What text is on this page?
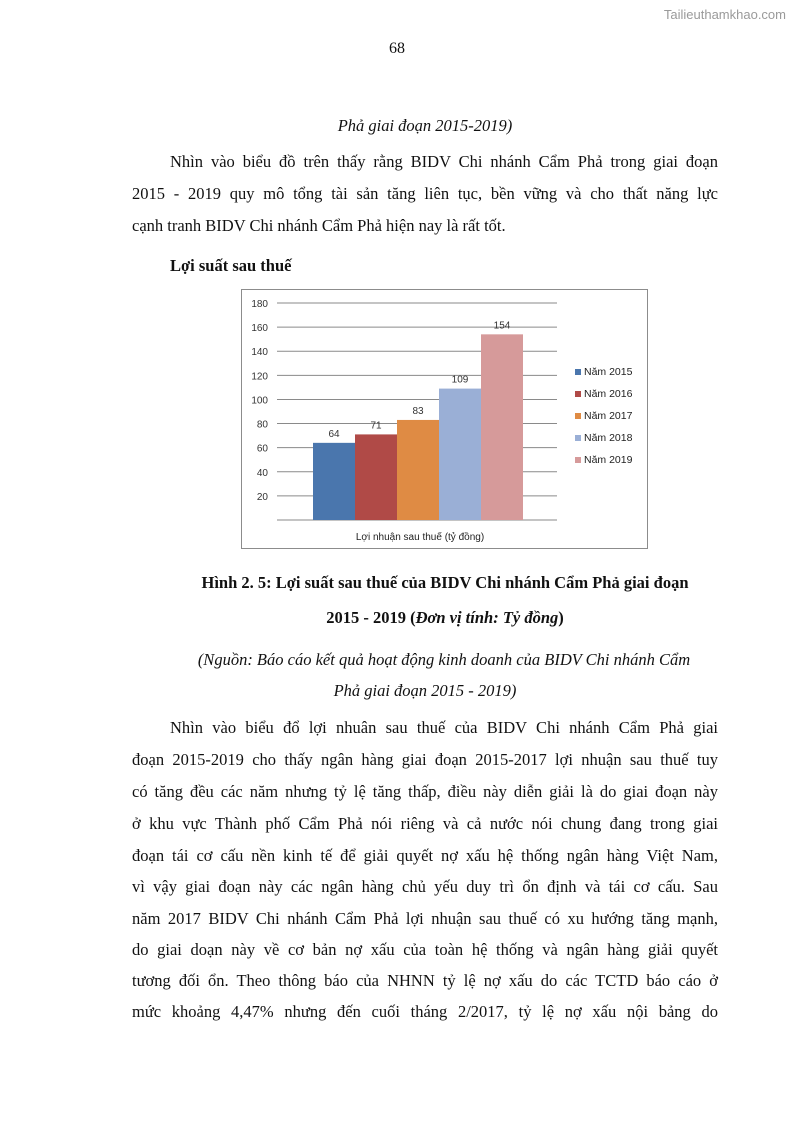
Tailieuthamkhao.com
68
Phả giai đoạn 2015-2019)
Nhìn vào biểu đồ trên thấy rằng BIDV Chi nhánh Cẩm Phả trong giai đoạn
2015 - 2019 quy mô tổng tài sản tăng liên tục, bền vững và cho thất năng lực
cạnh tranh BIDV Chi nhánh Cẩm Phả hiện nay là rất tốt.
Lợi suất sau thuế
20
40
60
80
100
120
140
160
180
64
71
83
109
154
Lợi nhuận sau thuế (tỷ đồng)
Năm 2015
Năm 2016
Năm 2017
Năm 2018
Năm 2019
Hình 2. 5: Lợi suất sau thuế của BIDV Chi nhánh Cẩm Phả giai đoạn
2015 - 2019 (Đơn vị tính: Tỷ đồng)
(Nguồn: Báo cáo kết quả hoạt động kinh doanh của BIDV Chi nhánh Cẩm
Phả giai đoạn 2015 - 2019)
Nhìn vào biểu đổ lợi nhuân sau thuế của BIDV Chi nhánh Cẩm Phả giai
đoạn 2015-2019 cho thấy ngân hàng giai đoạn 2015-2017 lợi nhuận sau thuế tuy
có tăng đều các năm nhưng tỷ lệ tăng thấp, điều này diễn giải là do giai đoạn này
ở khu vực Thành phố Cẩm Phả nói riêng và cả nước nói chung đang trong giai
đoạn tái cơ cấu nền kinh tế để giải quyết nợ xấu hệ thống ngân hàng Việt Nam,
vì vậy giai đoạn này các ngân hàng chủ yếu duy trì ổn định và tái cơ cấu. Sau
năm 2017 BIDV Chi nhánh Cẩm Phả lợi nhuận sau thuế có xu hướng tăng mạnh,
do giai doạn này về cơ bản nợ xấu của toàn hệ thống và ngân hàng giải quyết
tương đối ổn. Theo thông báo của NHNN tỷ lệ nợ xấu do các TCTD báo cáo ở
mức khoảng 4,47% nhưng đến cuối tháng 2/2017, tỷ lệ nợ xấu nội bảng do
